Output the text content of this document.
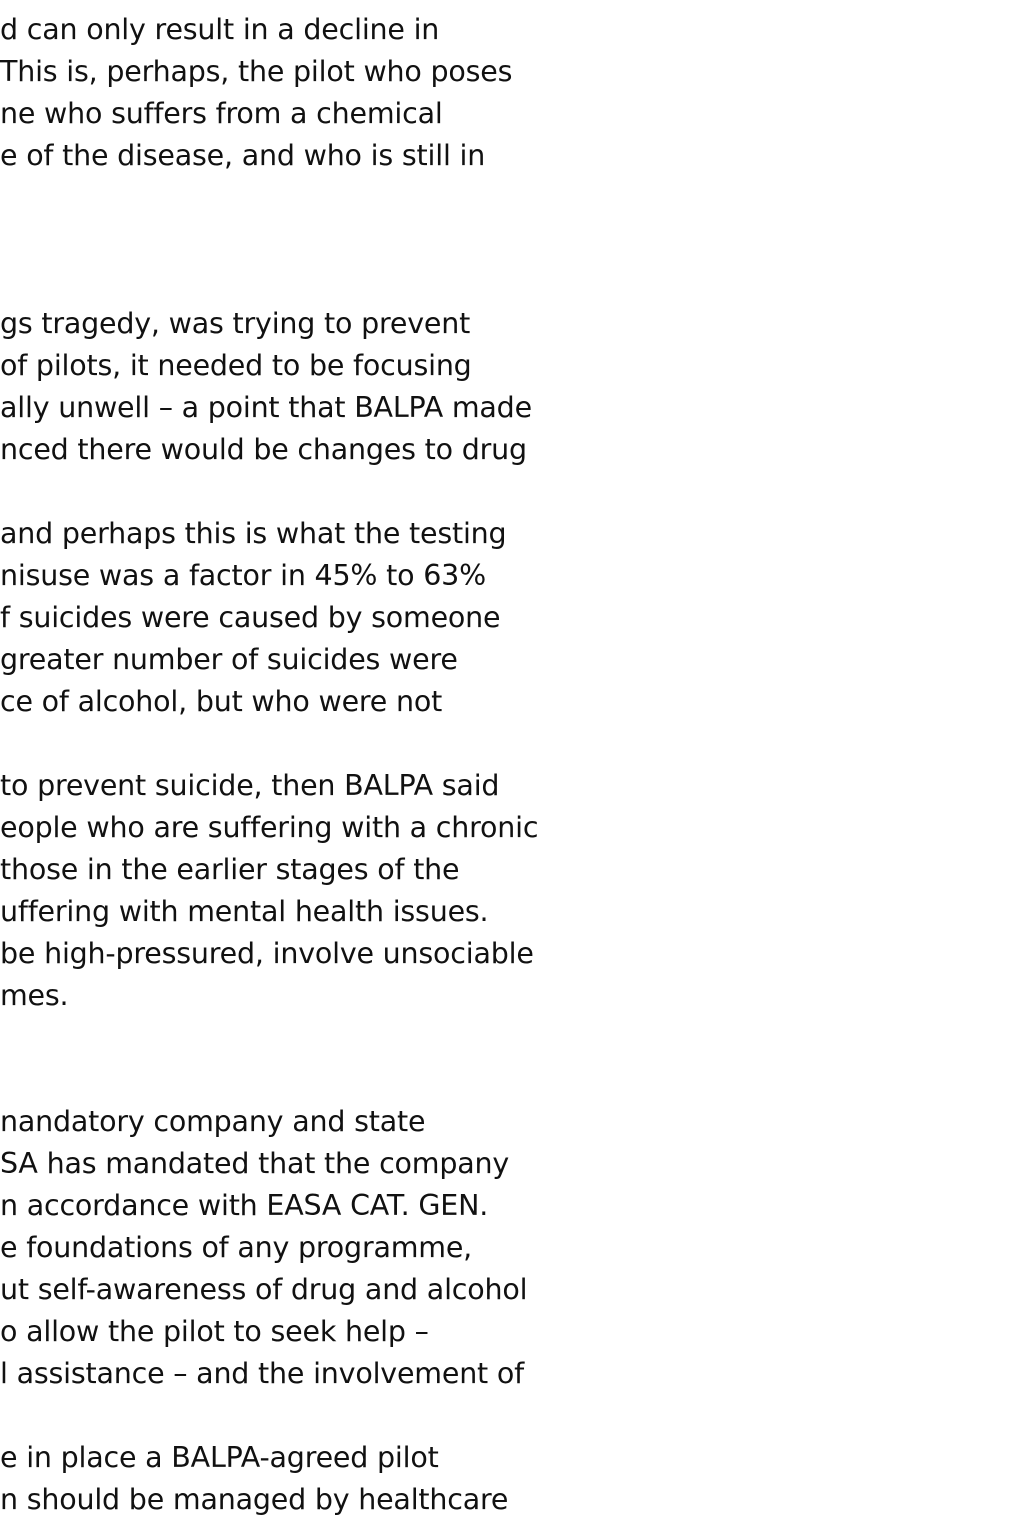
d can only result in a decline in

This is, perhaps, the pilot who poses

ne who suffers from a chemical

e of the disease, and who is still in

gs tragedy, was trying to prevent

of pilots, it needed to be focusing

ally unwell – a point that BALPA made

nced there would be changes to drug

and perhaps this is what the testing

nisuse was a factor in 45% to 63%

f suicides were caused by someone

greater number of suicides were

ce of alcohol, but who were not

to prevent suicide, then BALPA said

eople who are suffering with a chronic

those in the earlier stages of the

uffering with mental health issues.

be high-pressured, involve unsociable

mes.

nandatory company and state

SA has mandated that the company

n accordance with EASA CAT. GEN.

e foundations of any programme,

ut self-awareness of drug and alcohol

o allow the pilot to seek help –

l assistance – and the involvement of

e in place a BALPA-agreed pilot

n should be managed by healthcare
